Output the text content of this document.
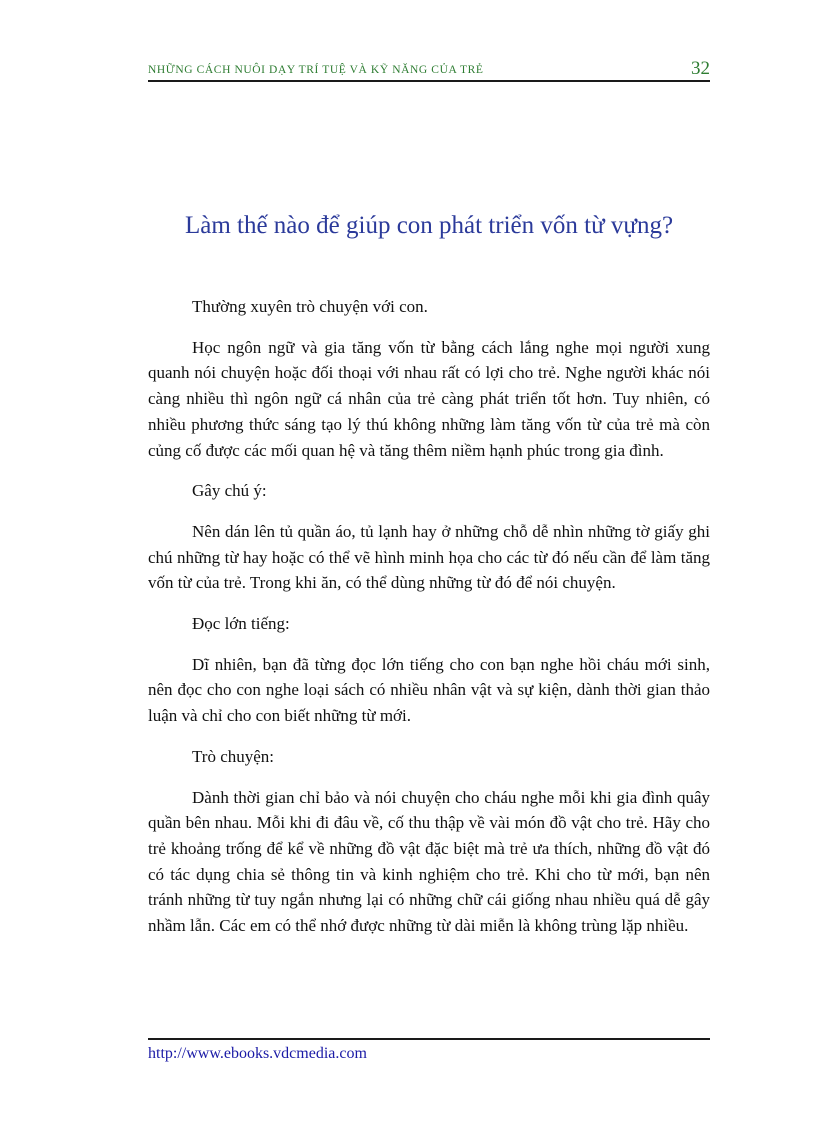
NHỮNG CÁCH NUÔI DẠY TRÍ TUỆ VÀ KỸ NĂNG CỦA TRẺ	32
Làm thế nào để giúp con phát triển vốn từ vựng?

Thường xuyên trò chuyện với con.

Học ngôn ngữ và gia tăng vốn từ bằng cách lắng nghe mọi người xung quanh nói chuyện hoặc đối thoại với nhau rất có lợi cho trẻ. Nghe người khác nói càng nhiều thì ngôn ngữ cá nhân của trẻ càng phát triển tốt hơn. Tuy nhiên, có nhiều phương thức sáng tạo lý thú không những làm tăng vốn từ của trẻ mà còn củng cố được các mối quan hệ và tăng thêm niềm hạnh phúc trong gia đình.

Gây chú ý:

Nên dán lên tủ quần áo, tủ lạnh hay ở những chỗ dễ nhìn những tờ giấy ghi chú những từ hay hoặc có thể vẽ hình minh họa cho các từ đó nếu cần để làm tăng vốn từ của trẻ. Trong khi ăn, có thể dùng những từ đó để nói chuyện.

Đọc lớn tiếng:

Dĩ nhiên, bạn đã từng đọc lớn tiếng cho con bạn nghe hồi cháu mới sinh, nên đọc cho con nghe loại sách có nhiều nhân vật và sự kiện, dành thời gian thảo luận và chỉ cho con biết những từ mới.

Trò chuyện:

Dành thời gian chỉ bảo và nói chuyện cho cháu nghe mỗi khi gia đình quây quần bên nhau. Mỗi khi đi đâu về, cố thu thập về vài món đồ vật cho trẻ. Hãy cho trẻ khoảng trống để kể về những đồ vật đặc biệt mà trẻ ưa thích, những đồ vật đó có tác dụng chia sẻ thông tin và kinh nghiệm cho trẻ. Khi cho từ mới, bạn nên tránh những từ tuy ngắn nhưng lại có những chữ cái giống nhau nhiều quá dễ gây nhầm lẫn. Các em có thể nhớ được những từ dài miễn là không trùng lặp nhiều.

http://www.ebooks.vdcmedia.com
